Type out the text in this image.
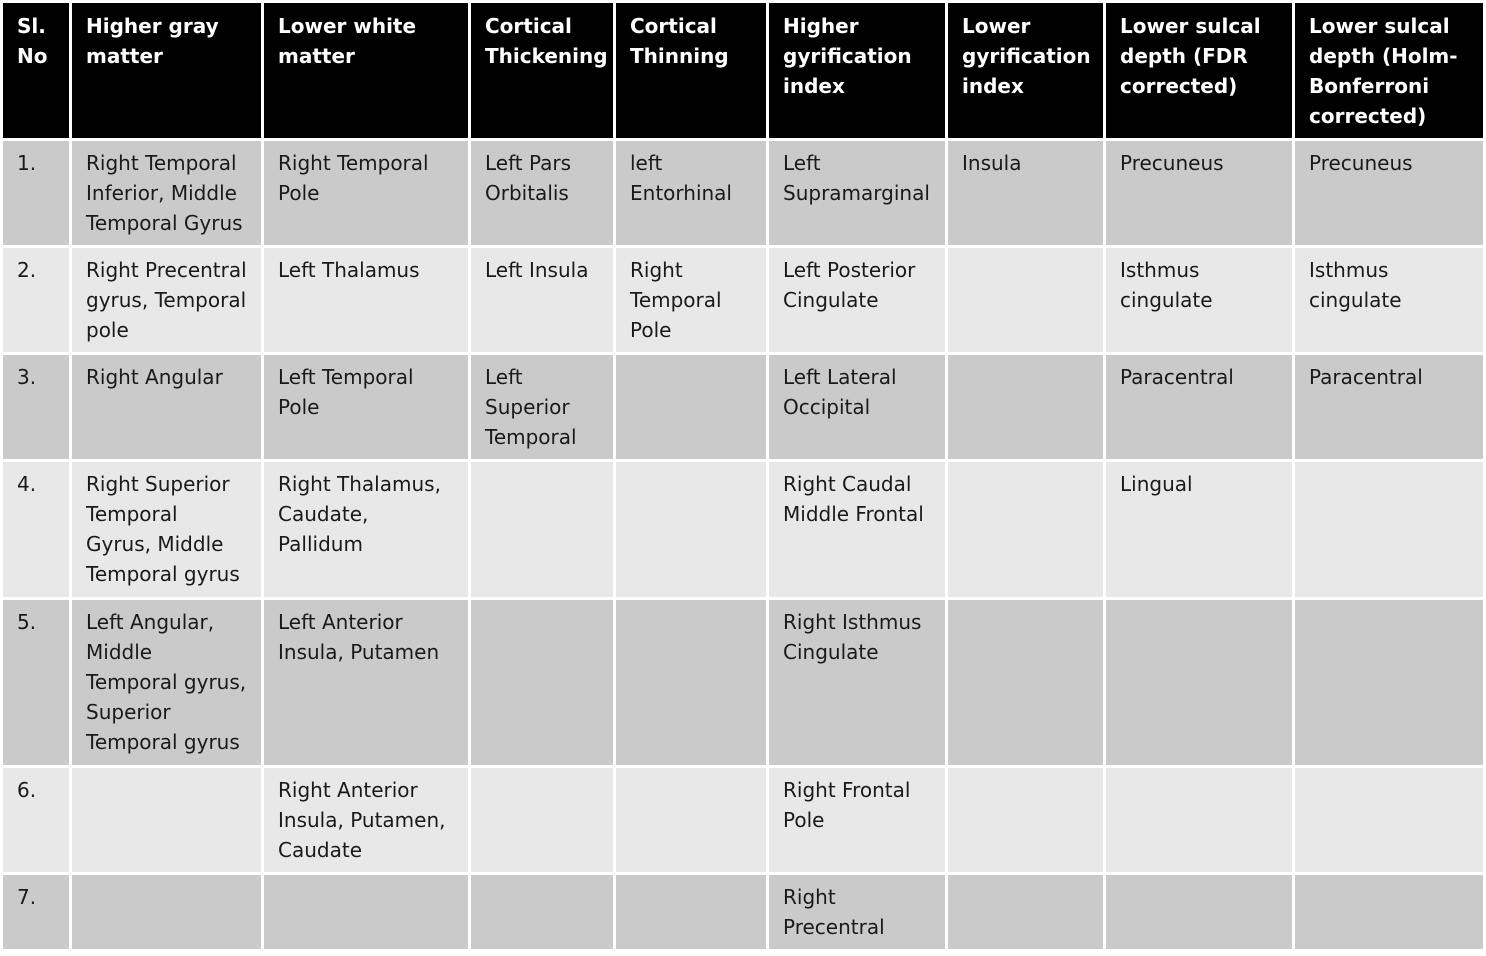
Sl. No	Higher gray matter	Lower white matter	Cortical Thickening	Cortical Thinning	Higher gyrification index	Lower gyrification index	Lower sulcal depth (FDR corrected)	Lower sulcal depth (Holm-Bonferroni corrected)
1.	Right Temporal Inferior, Middle Temporal Gyrus	Right Temporal Pole	Left Pars Orbitalis	left Entorhinal	Left Supramarginal	Insula	Precuneus	Precuneus
2.	Right Precentral gyrus, Temporal pole	Left Thalamus	Left Insula	Right Temporal Pole	Left Posterior Cingulate		Isthmus cingulate	Isthmus cingulate
3.	Right Angular	Left Temporal Pole	Left Superior Temporal		Left Lateral Occipital		Paracentral	Paracentral
4.	Right Superior Temporal Gyrus, Middle Temporal gyrus	Right Thalamus, Caudate, Pallidum			Right Caudal Middle Frontal		Lingual	
5.	Left Angular, Middle Temporal gyrus, Superior Temporal gyrus	Left Anterior Insula, Putamen			Right Isthmus Cingulate			
6.		Right Anterior Insula, Putamen, Caudate			Right Frontal Pole			
7.					Right Precentral			
